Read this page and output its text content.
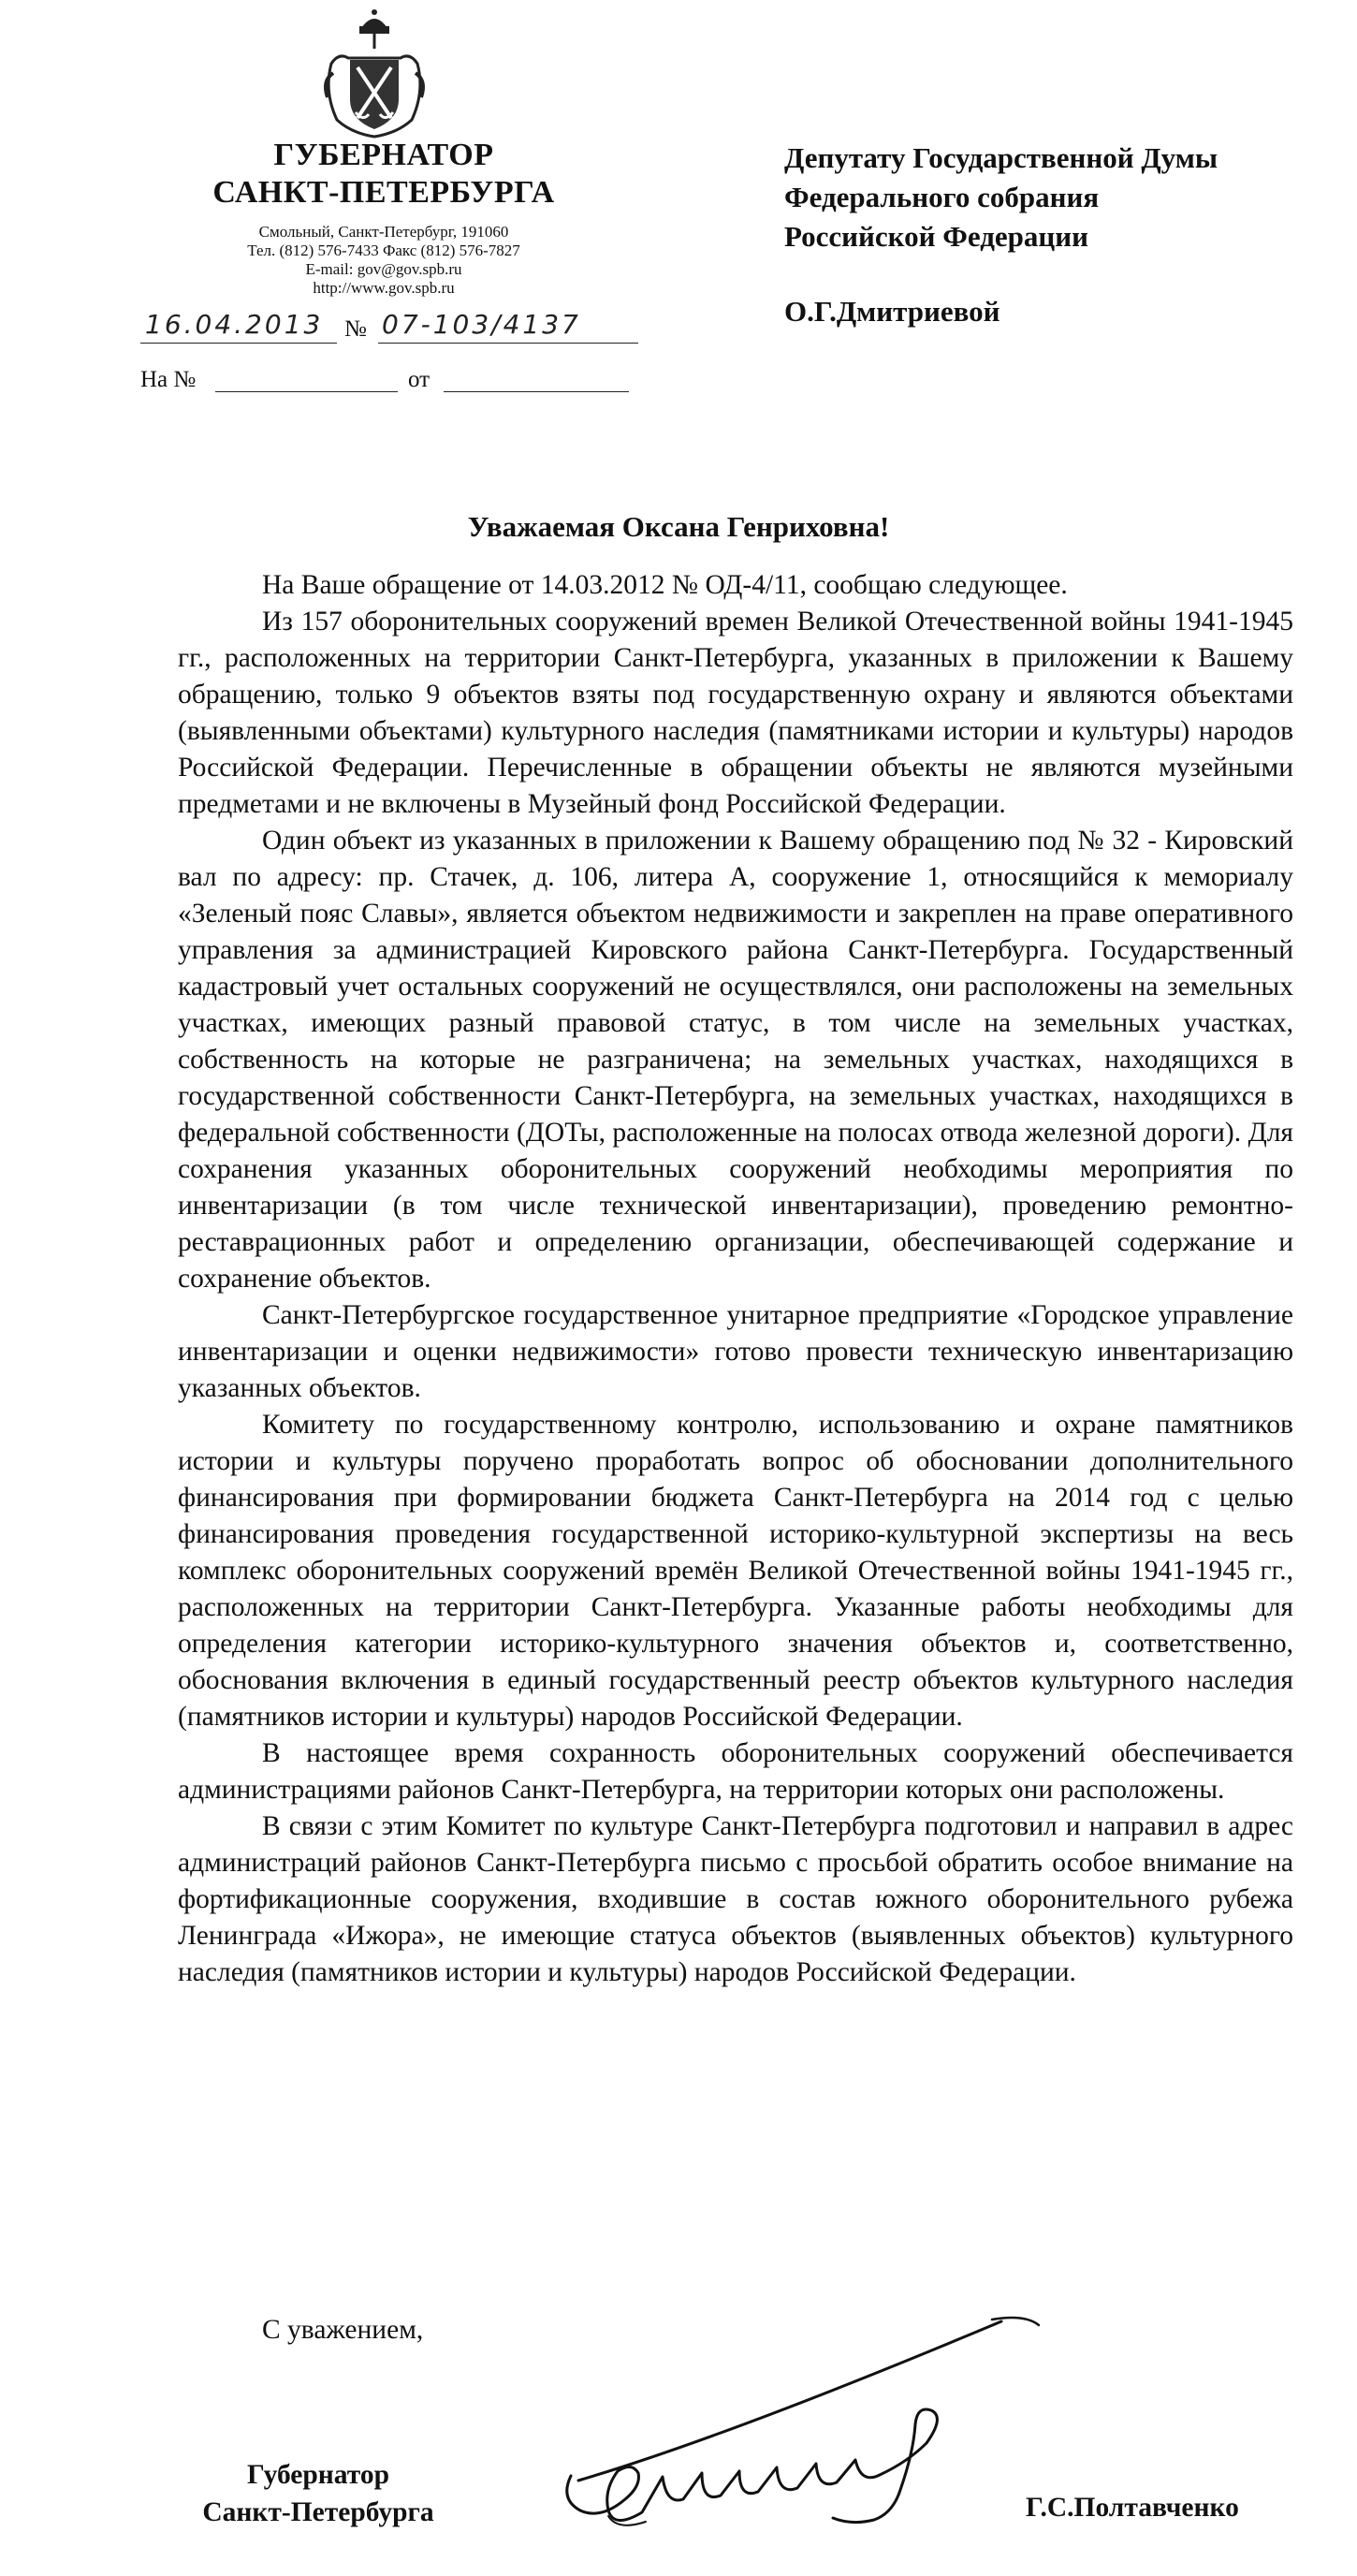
ГУБЕРНАТОР
САНКТ-ПЕТЕРБУРГА
Смольный, Санкт-Петербург, 191060
Тел. (812) 576-7433 Факс (812) 576-7827
E-mail: gov@gov.spb.ru
http://www.gov.spb.ru
16.04.2013 № 07-103/4137
На №	от
Депутату Государственной Думы
Федерального собрания
Российской Федерации
О.Г.Дмитриевой
Уважаемая Оксана Генриховна!

На Ваше обращение от 14.03.2012 № ОД-4/11, сообщаю следующее.

Из 157 оборонительных сооружений времен Великой Отечественной войны 1941-1945 гг., расположенных на территории Санкт-Петербурга, указанных в приложении к Вашему обращению, только 9 объектов взяты под государственную охрану и являются объектами (выявленными объектами) культурного наследия (памятниками истории и культуры) народов Российской Федерации. Перечисленные в обращении объекты не являются музейными предметами и не включены в Музейный фонд Российской Федерации.

Один объект из указанных в приложении к Вашему обращению под № 32 - Кировский вал по адресу: пр. Стачек, д. 106, литера А, сооружение 1, относящийся к мемориалу «Зеленый пояс Славы», является объектом недвижимости и закреплен на праве оперативного управления за администрацией Кировского района Санкт-Петербурга. Государственный кадастровый учет остальных сооружений не осуществлялся, они расположены на земельных участках, имеющих разный правовой статус, в том числе на земельных участках, собственность на которые не разграничена; на земельных участках, находящихся в государственной собственности Санкт-Петербурга, на земельных участках, находящихся в федеральной собственности (ДОТы, расположенные на полосах отвода железной дороги). Для сохранения указанных оборонительных сооружений необходимы мероприятия по инвентаризации (в том числе технической инвентаризации), проведению ремонтно-реставрационных работ и определению организации, обеспечивающей содержание и сохранение объектов.

Санкт-Петербургское государственное унитарное предприятие «Городское управление инвентаризации и оценки недвижимости» готово провести техническую инвентаризацию указанных объектов.

Комитету по государственному контролю, использованию и охране памятников истории и культуры поручено проработать вопрос об обосновании дополнительного финансирования при формировании бюджета Санкт-Петербурга на 2014 год с целью финансирования проведения государственной историко-культурной экспертизы на весь комплекс оборонительных сооружений времён Великой Отечественной войны 1941-1945 гг., расположенных на территории Санкт-Петербурга. Указанные работы необходимы для определения категории историко-культурного значения объектов и, соответственно, обоснования включения в единый государственный реестр объектов культурного наследия (памятников истории и культуры) народов Российской Федерации.

В настоящее время сохранность оборонительных сооружений обеспечивается администрациями районов Санкт-Петербурга, на территории которых они расположены.

В связи с этим Комитет по культуре Санкт-Петербурга подготовил и направил в адрес администраций районов Санкт-Петербурга письмо с просьбой обратить особое внимание на фортификационные сооружения, входившие в состав южного оборонительного рубежа Ленинграда «Ижора», не имеющие статуса объектов (выявленных объектов) культурного наследия (памятников истории и культуры) народов Российской Федерации.

С уважением,
Губернатор
Санкт-Петербурга	Г.С.Полтавченко
